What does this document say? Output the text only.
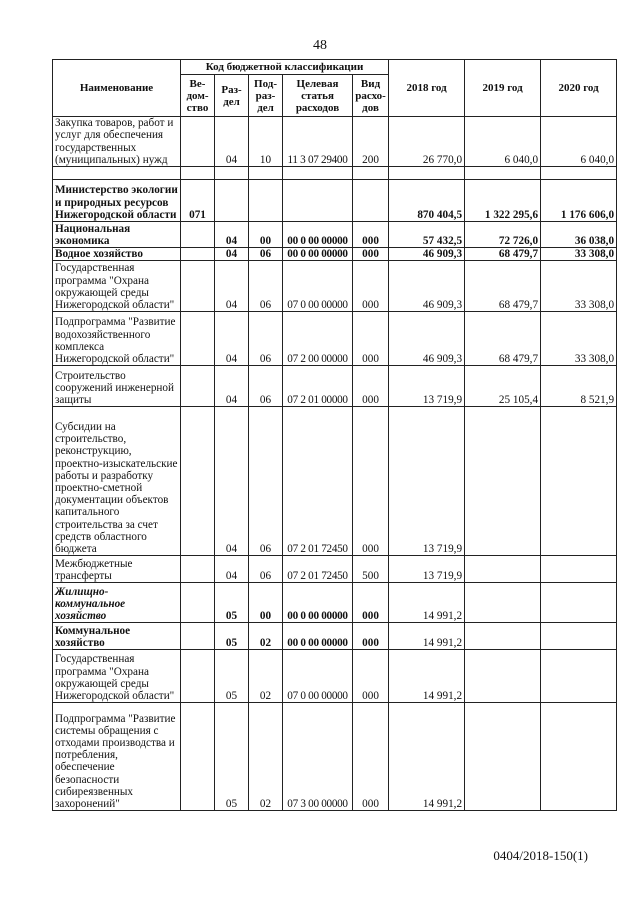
48
Наименование	Код бюджетной классификации					2018 год	2019 год	2020 год
	Ве-дом-ство	Раз-дел	Под-раз-дел	Целевая статья расходов	Вид расхо-дов			
Закупка товаров, работ и услуг для обеспечения государственных (муниципальных) нужд		04	10	11 3 07 29400	200	26 770,0	6 040,0	6 040,0

Министерство экологии и природных ресурсов Нижегородской области	071					870 404,5	1 322 295,6	1 176 606,0
Национальная экономика		04	00	00 0 00 00000	000	57 432,5	72 726,0	36 038,0
Водное хозяйство		04	06	00 0 00 00000	000	46 909,3	68 479,7	33 308,0
Государственная программа "Охрана окружающей среды Нижегородской области"		04	06	07 0 00 00000	000	46 909,3	68 479,7	33 308,0
Подпрограмма "Развитие водохозяйственного комплекса Нижегородской области"		04	06	07 2 00 00000	000	46 909,3	68 479,7	33 308,0
Строительство сооружений инженерной защиты		04	06	07 2 01 00000	000	13 719,9	25 105,4	8 521,9
Субсидии на строительство, реконструкцию, проектно-изыскательские работы и разработку проектно-сметной документации объектов капитального строительства за счет средств областного бюджета		04	06	07 2 01 72450	000	13 719,9		
Межбюджетные трансферты		04	06	07 2 01 72450	500	13 719,9		
Жилищно-коммунальное хозяйство		05	00	00 0 00 00000	000	14 991,2		
Коммунальное хозяйство		05	02	00 0 00 00000	000	14 991,2		
Государственная программа "Охрана окружающей среды Нижегородской области"		05	02	07 0 00 00000	000	14 991,2		
Подпрограмма "Развитие системы обращения с отходами производства и потребления, обеспечение безопасности сибиреязвенных захоронений"		05	02	07 3 00 00000	000	14 991,2		
0404/2018-150(1)
